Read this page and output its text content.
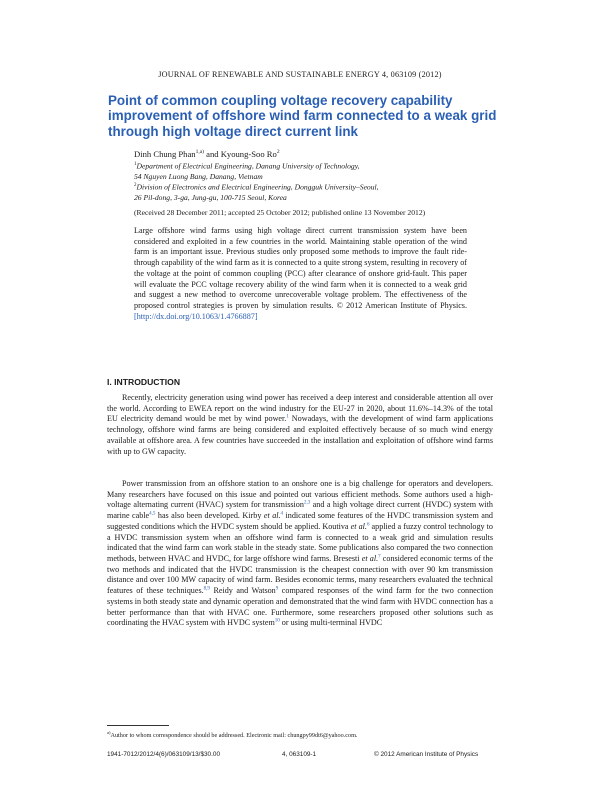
JOURNAL OF RENEWABLE AND SUSTAINABLE ENERGY 4, 063109 (2012)
Point of common coupling voltage recovery capability improvement of offshore wind farm connected to a weak grid through high voltage direct current link
Dinh Chung Phan$^{1,a)}$ and Kyoung-Soo Ro$^2$
$^1$Department of Electrical Engineering, Danang University of Technology,
54 Nguyen Luong Bang, Danang, Vietnam
$^2$Division of Electronics and Electrical Engineering, Dongguk University–Seoul,
26 Pil-dong, 3-ga, Jung-gu, 100-715 Seoul, Korea
(Received 28 December 2011; accepted 25 October 2012; published online 13 November 2012)

Large offshore wind farms using high voltage direct current transmission system have been considered and exploited in a few countries in the world. Maintaining stable operation of the wind farm is an important issue. Previous studies only proposed some methods to improve the fault ride-through capability of the wind farm as it is connected to a quite strong system, resulting in recovery of the voltage at the point of common coupling (PCC) after clearance of onshore grid-fault. This paper will evaluate the PCC voltage recovery ability of the wind farm when it is connected to a weak grid and suggest a new method to overcome unrecoverable voltage problem. The effectiveness of the proposed control strategies is proven by simulation results. © 2012 American Institute of Physics. [http://dx.doi.org/10.1063/1.4766887]

I. INTRODUCTION

Recently, electricity generation using wind power has received a deep interest and considerable attention all over the world. According to EWEA report on the wind industry for the EU-27 in 2020, about 11.6%–14.3% of the total EU electricity demand would be met by wind power.$^1$ Nowadays, with the development of wind farm applications technology, offshore wind farms are being considered and exploited effectively because of so much wind energy available at offshore area. A few countries have succeeded in the installation and exploitation of offshore wind farms with up to GW capacity.

Power transmission from an offshore station to an onshore one is a big challenge for operators and developers. Many researchers have focused on this issue and pointed out various efficient methods. Some authors used a high-voltage alternating current (HVAC) system for transmission$^{2,3}$ and a high voltage direct current (HVDC) system with marine cable$^{4,5}$ has also been developed. Kirby et al.$^4$ indicated some features of the HVDC transmission system and suggested conditions which the HVDC system should be applied. Koutiva et al.$^6$ applied a fuzzy control technology to a HVDC transmission system when an offshore wind farm is connected to a weak grid and simulation results indicated that the wind farm can work stable in the steady state. Some publications also compared the two connection methods, between HVAC and HVDC, for large offshore wind farms. Bresesti et al.$^7$ considered economic terms of the two methods and indicated that the HVDC transmission is the cheapest connection with over 90 km transmission distance and over 100 MW capacity of wind farm. Besides economic terms, many researchers evaluated the technical features of these techniques.$^{8,9}$ Reidy and Watson$^9$ compared responses of the wind farm for the two connection systems in both steady state and dynamic operation and demonstrated that the wind farm with HVDC connection has a better performance than that with HVAC one. Furthermore, some researchers proposed other solutions such as coordinating the HVAC system with HVDC system$^{10}$ or using multi-terminal HVDC

$^{a)}$Author to whom correspondence should be addressed. Electronic mail: chungpy99dt6@yahoo.com.
1941-7012/2012/4(6)/063109/13/$30.00	4, 063109-1	© 2012 American Institute of Physics
